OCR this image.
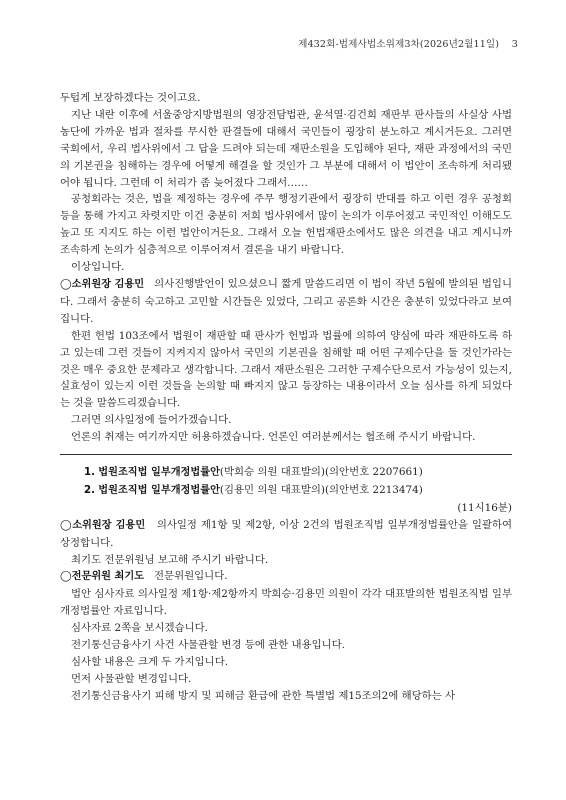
제432회-법제사법소위제3차(2026년2월11일) 3

두텁게 보장하겠다는 것이고요.

지난 내란 이후에 서울중앙지방법원의 영장전담법관, 윤석열·김건희 재판부 판사들의 사실상 사법농단에 가까운 법과 절차를 무시한 판결들에 대해서 국민들이 굉장히 분노하고 계시거든요. 그러면 국회에서, 우리 법사위에서 그 답을 드려야 되는데 재판소원을 도입해야 된다, 재판 과정에서의 국민의 기본권을 침해하는 경우에 어떻게 해결을 할 것인가 그 부분에 대해서 이 법안이 조속하게 처리됐어야 됩니다. 그런데 이 처리가 좀 늦어졌다 그래서……

공청회라는 것은, 법을 제정하는 경우에 주무 행정기관에서 굉장히 반대를 하고 이런 경우 공청회 등을 통해 가지고 차렷지만 이건 충분히 저희 법사위에서 많이 논의가 이루어졌고 국민적인 이해도도 높고 또 지지도 하는 이런 법안이거든요. 그래서 오늘 헌법재판소에서도 많은 의견을 내고 계시니까 조속하게 논의가 심층적으로 이루어져서 결론을 내기 바랍니다.

이상입니다.

◯소위원장 김용민 의사진행발언이 있으셨으니 짧게 말씀드리면 이 법이 작년 5월에 발의된 법입니다. 그래서 충분히 숙고하고 고민할 시간들은 있었다, 그리고 공론화 시간은 충분히 있었다라고 보여집니다.

한편 헌법 103조에서 법원이 재판할 때 판사가 헌법과 법률에 의하여 양심에 따라 재판하도록 하고 있는데 그런 것들이 지켜지지 않아서 국민의 기본권을 침해할 때 어떤 구제수단을 둘 것인가라는 것은 매우 중요한 문제라고 생각합니다. 그래서 재판소원은 그러한 구제수단으로서 가능성이 있는지, 실효성이 있는지 이런 것들을 논의할 때 빠지지 않고 등장하는 내용이라서 오늘 심사를 하게 되었다는 것을 말씀드리겠습니다.

그러면 의사일정에 들어가겠습니다.

언론의 취재는 여기까지만 허용하겠습니다. 언론인 여러분께서는 협조해 주시기 바랍니다.

1. 법원조직법 일부개정법률안(박희승 의원 대표발의)(의안번호 2207661)

2. 법원조직법 일부개정법률안(김용민 의원 대표발의)(의안번호 2213474)

(11시16분)

◯소위원장 김용민 의사일정 제1항 및 제2항, 이상 2건의 법원조직법 일부개정법률안을 일괄하여 상정합니다.

최기도 전문위원님 보고해 주시기 바랍니다.

◯전문위원 최기도 전문위원입니다.

법안 심사자료 의사일정 제1항·제2항까지 박희승·김용민 의원이 각각 대표발의한 법원조직법 일부개정법률안 자료입니다.

심사자료 2쪽을 보시겠습니다.

전기통신금융사기 사건 사물관할 변경 등에 관한 내용입니다.

심사할 내용은 크게 두 가지입니다.

먼저 사물관할 변경입니다.

전기통신금융사기 피해 방지 및 피해금 환급에 관한 특별법 제15조의2에 해당하는 사
